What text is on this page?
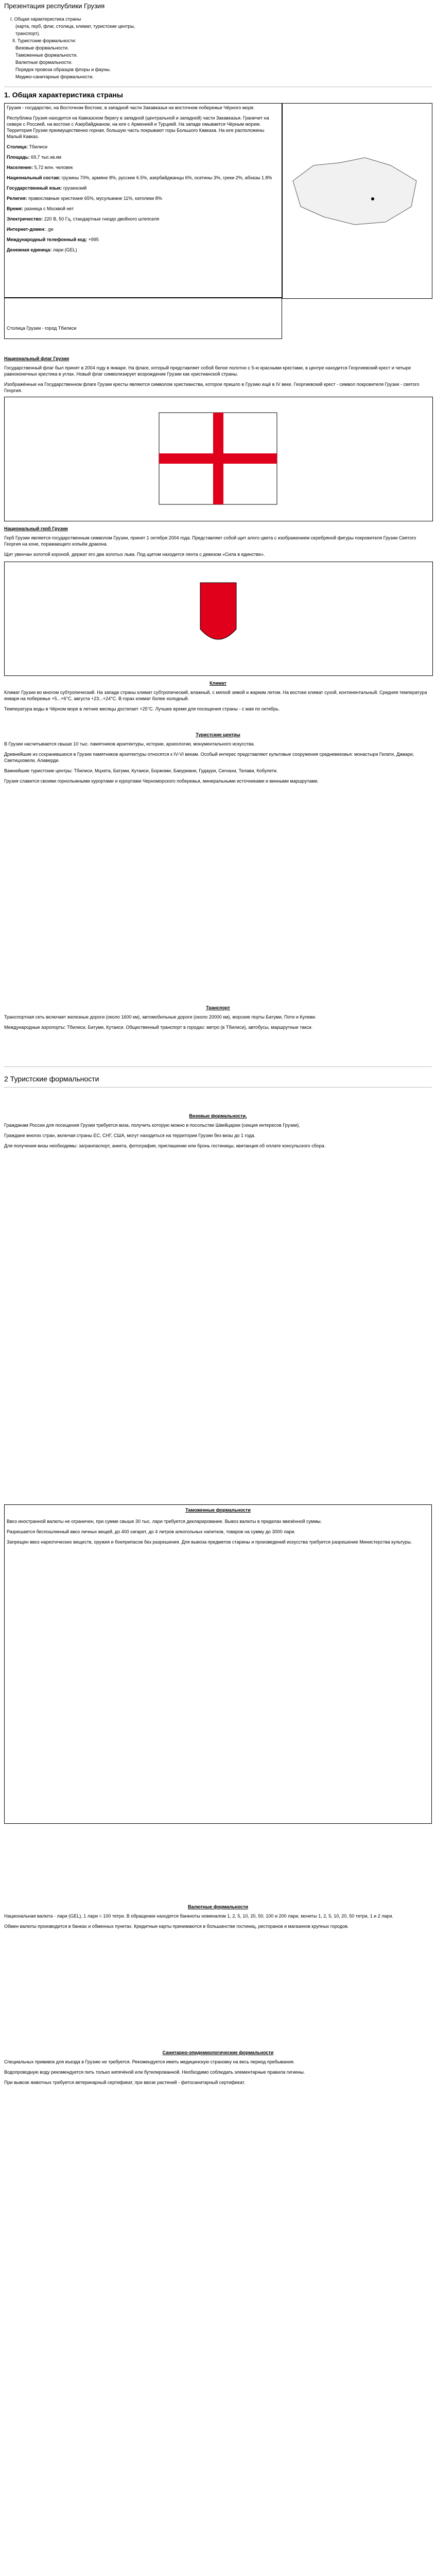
Презентация республики Грузия
I. Общая характеристика страны
(карта, герб, флаг, столица, климат, туристские центры, транспорт).
II. Туристские формальности:
Визовые формальности.
Таможенные формальности.
Валютные формальности.
Порядок провоза образцов флоры и фауны.
Медико-санитарные формальности.
1. Общая характеристика страны

Грузия - государство, на Восточном Востоке, в западной части Закавказья на восточном побережье Чёрного моря.

Республика Грузия находится на Кавказском берегу в западной (центральной и западной) части Закавказья. Граничит на севере с Россией, на востоке с Азербайджаном, на юге с Арменией и Турцией. На западе омывается Чёрным морем. Территория Грузии преимущественно горная, большую часть покрывают горы Большого Кавказа. На юге расположены Малый Кавказ.

Столица: Тбилиси

Площадь: 69,7 тыс.кв.км

Население: 5,72 млн. человек

Национальный состав: грузины 70%, армяне 8%, русские 6.5%, азербайджанцы 6%, осетины 3%, греки 2%, абхазы 1.8%

Государственный язык: грузинский

Религия: православные христиане 65%, мусульмане 11%, католики 8%

Время: разница с Москвой нет

Электричество: 220 В, 50 Гц, стандартные гнездо двойного штепселя

Интернет-домен: .ge

Международный телефонный код: +995

Денежная единица: лари (GEL)

Столица Грузии - город Тбилиси
Национальный флаг Грузии

Государственный флаг был принят в 2004 году в январе. На флаге, который представляет собой белое полотно с 5-ю красными крестами, в центре находится Георгиевский крест и четыре равноконечных крестика в углах. Новый флаг символизирует возрождение Грузии как христианской страны.

Изображённые на Государственном флаге Грузии кресты являются символом христианства, которое пришло в Грузию ещё в IV веке. Георгиевский крест - символ покровителя Грузии - святого Георгия.

Национальный герб Грузии

Герб Грузии является государственным символом Грузии, принят 1 октября 2004 года. Представляет собой щит алого цвета с изображением серебряной фигуры покровителя Грузии Святого Георгия на коне, поражающего копьём дракона.

Щит увенчан золотой короной, держат его два золотых льва. Под щитом находится лента с девизом «Сила в единстве».

Климат

Климат Грузии во многом субтропический. На западе страны климат субтропический, влажный, с мягкой зимой и жарким летом. На востоке климат сухой, континентальный. Средняя температура января на побережье +5...+6°С, августа +23...+24°С. В горах климат более холодный.

Температура воды в Чёрном море в летние месяцы достигает +25°С. Лучшее время для посещения страны - с мая по октябрь.

Туристские центры

В Грузии насчитывается свыше 10 тыс. памятников архитектуры, истории, археологии, монументального искусства.

Древнейшие из сохранившихся в Грузии памятников архитектуры относятся к IV-VI векам. Особый интерес представляют культовые сооружения средневековья: монастыри Гелати, Джвари, Светицховели, Алаверди.

Важнейшие туристские центры: Тбилиси, Мцхета, Батуми, Кутаиси, Боржоми, Бакуриани, Гудаури, Сигнахи, Телави, Кобулети.

Грузия славится своими горнолыжными курортами и курортами Черноморского побережья, минеральными источниками и винными маршрутами.

Транспорт

Транспортная сеть включает железные дороги (около 1600 км), автомобильные дороги (около 20000 км), морские порты Батуми, Поти и Кулеви.

Международные аэропорты: Тбилиси, Батуми, Кутаиси. Общественный транспорт в городах: метро (в Тбилиси), автобусы, маршрутные такси.

2 Туристские формальности
Визовые формальности.

Гражданам России для посещения Грузии требуется виза, получить которую можно в посольстве Швейцарии (секция интересов Грузии).

Граждане многих стран, включая страны ЕС, СНГ, США, могут находиться на территории Грузии без визы до 1 года.

Для получения визы необходимы: загранпаспорт, анкета, фотография, приглашение или бронь гостиницы, квитанция об оплате консульского сбора.

Таможенные формальности

Ввоз иностранной валюты не ограничен, при сумме свыше 30 тыс. лари требуется декларирование. Вывоз валюты в пределах ввезённой суммы.

Разрешается беспошлинный ввоз личных вещей, до 400 сигарет, до 4 литров алкогольных напитков, товаров на сумму до 3000 лари.

Запрещен ввоз наркотических веществ, оружия и боеприпасов без разрешения. Для вывоза предметов старины и произведений искусства требуется разрешение Министерства культуры.

Валютные формальности

Национальная валюта - лари (GEL), 1 лари = 100 тетри. В обращении находятся банкноты номиналом 1, 2, 5, 10, 20, 50, 100 и 200 лари, монеты 1, 2, 5, 10, 20, 50 тетри, 1 и 2 лари.

Обмен валюты производится в банках и обменных пунктах. Кредитные карты принимаются в большинстве гостиниц, ресторанов и магазинов крупных городов.

Санитарно-эпидемиологические формальности

Специальных прививок для въезда в Грузию не требуется. Рекомендуется иметь медицинскую страховку на весь период пребывания.

Водопроводную воду рекомендуется пить только кипячёной или бутилированной. Необходимо соблюдать элементарные правила гигиены.

При вывозе животных требуется ветеринарный сертификат, при ввозе растений - фитосанитарный сертификат.
